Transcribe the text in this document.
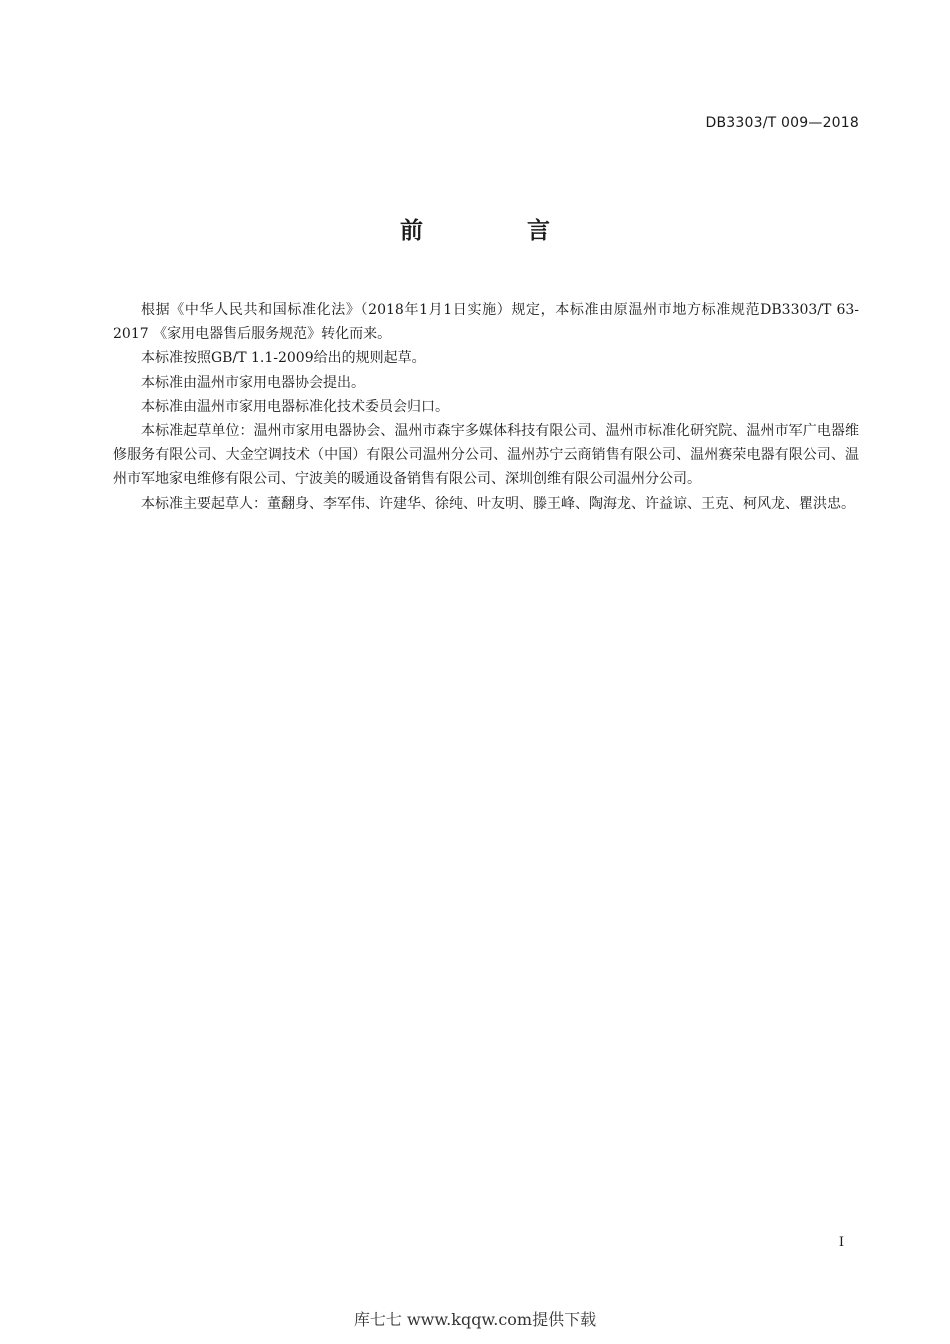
DB3303/T 009—2018
前 言

根据《中华人民共和国标准化法》（2018年1月1日实施）规定，本标准由原温州市地方标准规范DB3303/T 63-2017 《家用电器售后服务规范》转化而来。

本标准按照GB/T 1.1-2009给出的规则起草。

本标准由温州市家用电器协会提出。

本标准由温州市家用电器标准化技术委员会归口。

本标准起草单位：温州市家用电器协会、温州市森宇多媒体科技有限公司、温州市标准化研究院、温州市军广电器维修服务有限公司、大金空调技术（中国）有限公司温州分公司、温州苏宁云商销售有限公司、温州赛荣电器有限公司、温州市军地家电维修有限公司、宁波美的暖通设备销售有限公司、深圳创维有限公司温州分公司。

本标准主要起草人：董翻身、李军伟、许建华、徐纯、叶友明、滕王峰、陶海龙、许益谅、王克、柯风龙、瞿洪忠。

I
库七七 www.kqqw.com提供下载
